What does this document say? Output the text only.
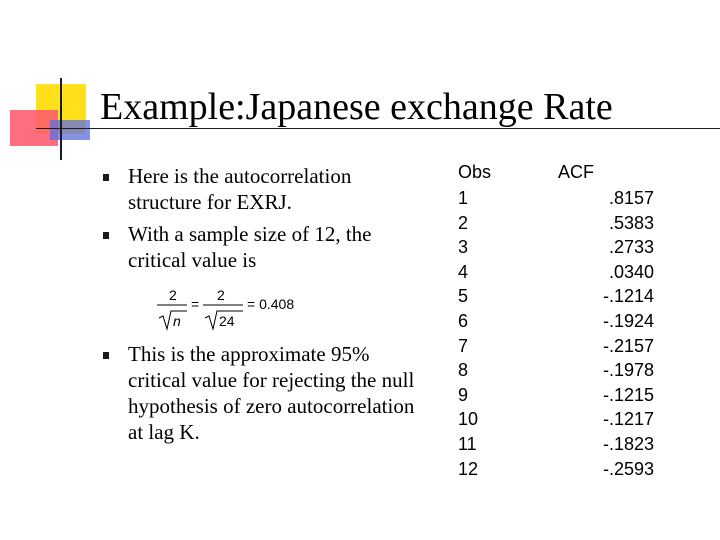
Example:Japanese exchange Rate
Here is the autocorrelation structure for EXRJ.
With a sample size of 12, the critical value is
This is the approximate 95% critical value for rejecting the null hypothesis of zero autocorrelation at lag K.
2
n
=
2
24
= 0.408
Obs	ACF
1	.8157
2	.5383
3	.2733
4	.0340
5	-.1214
6	-.1924
7	-.2157
8	-.1978
9	-.1215
10	-.1217
11	-.1823
12	-.2593
